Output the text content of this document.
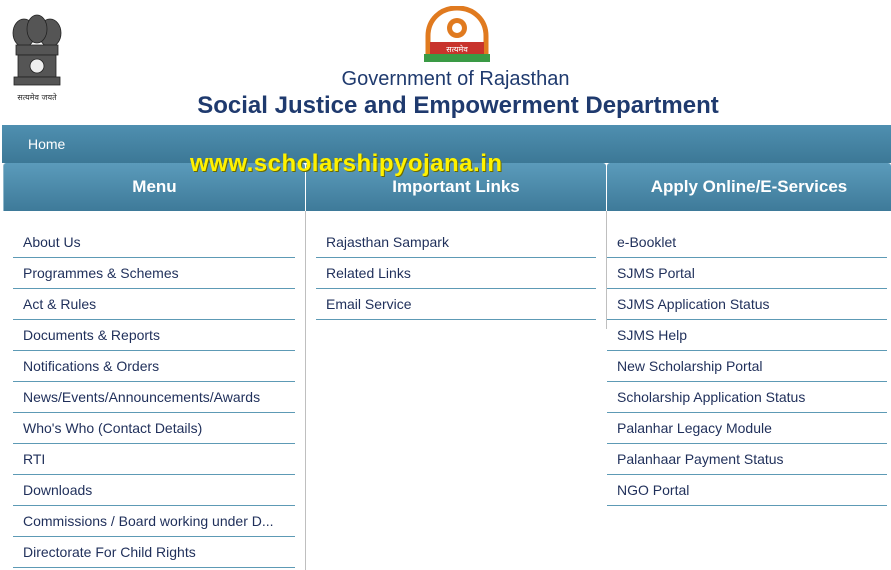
सत्यमेव जयते
सत्यमेव
Government of Rajasthan
Social Justice and Empowerment Department
Home
www.scholarshipyojana.in
Menu
About Us
Programmes & Schemes
Act & Rules
Documents & Reports
Notifications & Orders
News/Events/Announcements/Awards
Who's Who (Contact Details)
RTI
Downloads
Commissions / Board working under D...
Directorate For Child Rights
Important Links
Rajasthan Sampark
Related Links
Email Service
Apply Online/E-Services
e-Booklet
SJMS Portal
SJMS Application Status
SJMS Help
New Scholarship Portal
Scholarship Application Status
Palanhar Legacy Module
Palanhaar Payment Status
NGO Portal
